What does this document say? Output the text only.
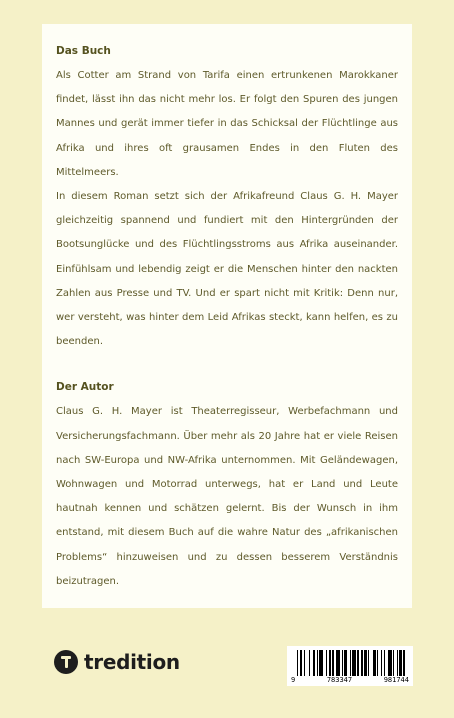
Das Buch

Als Cotter am Strand von Tarifa einen ertrunkenen Marokkaner findet, lässt ihn das nicht mehr los. Er folgt den Spuren des jungen Mannes und gerät immer tiefer in das Schicksal der Flüchtlinge aus Afrika und ihres oft grausamen Endes in den Fluten des Mittelmeers.

In diesem Roman setzt sich der Afrikafreund Claus G. H. Mayer gleichzeitig spannend und fundiert mit den Hintergründen der Bootsunglücke und des Flüchtlingsstroms aus Afrika auseinander. Einfühlsam und lebendig zeigt er die Menschen hinter den nackten Zahlen aus Presse und TV. Und er spart nicht mit Kritik: Denn nur, wer versteht, was hinter dem Leid Afrikas steckt, kann helfen, es zu beenden.

Der Autor

Claus G. H. Mayer ist Theaterregisseur, Werbefachmann und Versicherungsfachmann. Über mehr als 20 Jahre hat er viele Reisen nach SW-Europa und NW-Afrika unternommen. Mit Geländewagen, Wohnwagen und Motorrad unterwegs, hat er Land und Leute hautnah kennen und schätzen gelernt. Bis der Wunsch in ihm entstand, mit diesem Buch auf die wahre Natur des „afrikanischen Problems“ hinzuweisen und zu dessen besserem Verständnis beizutragen.

tredition
9	783347	981744
